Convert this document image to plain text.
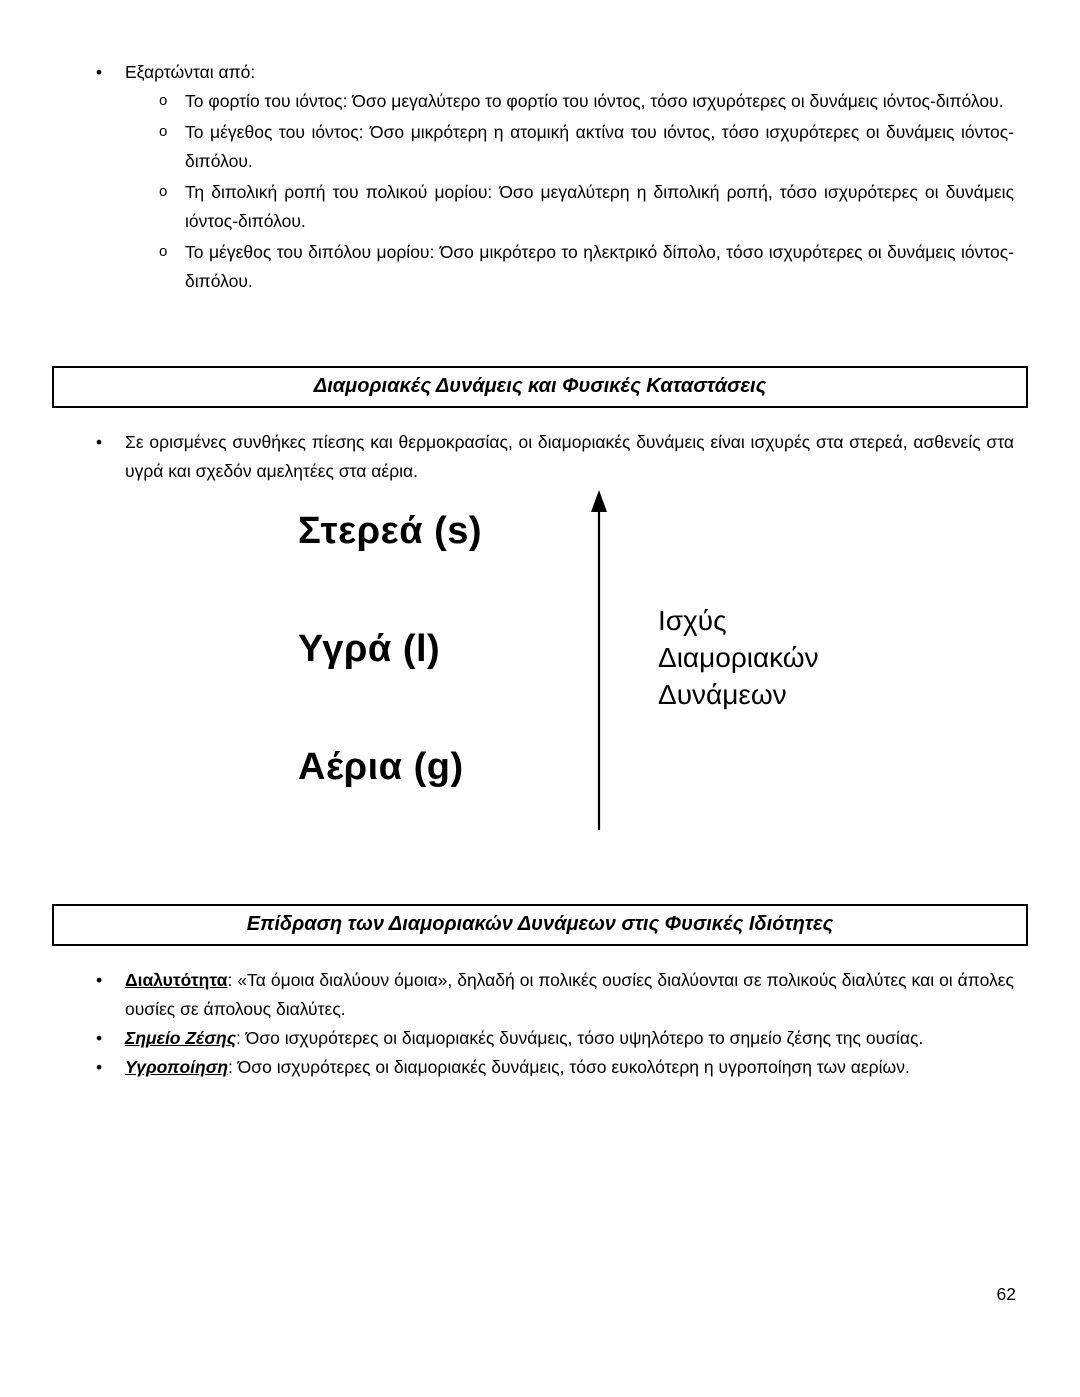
• Εξαρτώνται από:
o Το φορτίο του ιόντος: Όσο μεγαλύτερο το φορτίο του ιόντος, τόσο ισχυρότερες οι δυνάμεις ιόντος-διπόλου.
o Το μέγεθος του ιόντος: Όσο μικρότερη η ατομική ακτίνα του ιόντος, τόσο ισχυρότερες οι δυνάμεις ιόντος-διπόλου.
o Τη διπολική ροπή του πολικού μορίου: Όσο μεγαλύτερη η διπολική ροπή, τόσο ισχυρότερες οι δυνάμεις ιόντος-διπόλου.
o Το μέγεθος του διπόλου μορίου: Όσο μικρότερο το ηλεκτρικό δίπολο, τόσο ισχυρότερες οι δυνάμεις ιόντος-διπόλου.
Διαμοριακές Δυνάμεις και Φυσικές Καταστάσεις
• Σε ορισμένες συνθήκες πίεσης και θερμοκρασίας, οι διαμοριακές δυνάμεις είναι ισχυρές στα στερεά, ασθενείς στα υγρά και σχεδόν αμελητέες στα αέρια.
Στερεά (s)
Υγρά (l)
Αέρια (g)
Ισχύς
Διαμοριακών
Δυνάμεων
Επίδραση των Διαμοριακών Δυνάμεων στις Φυσικές Ιδιότητες
• Διαλυτότητα: «Τα όμοια διαλύουν όμοια», δηλαδή οι πολικές ουσίες διαλύονται σε πολικούς διαλύτες και οι άπολες ουσίες σε άπολους διαλύτες.
• Σημείο Ζέσης: Όσο ισχυρότερες οι διαμοριακές δυνάμεις, τόσο υψηλότερο το σημείο ζέσης της ουσίας.
• Υγροποίηση: Όσο ισχυρότερες οι διαμοριακές δυνάμεις, τόσο ευκολότερη η υγροποίηση των αερίων.
62
